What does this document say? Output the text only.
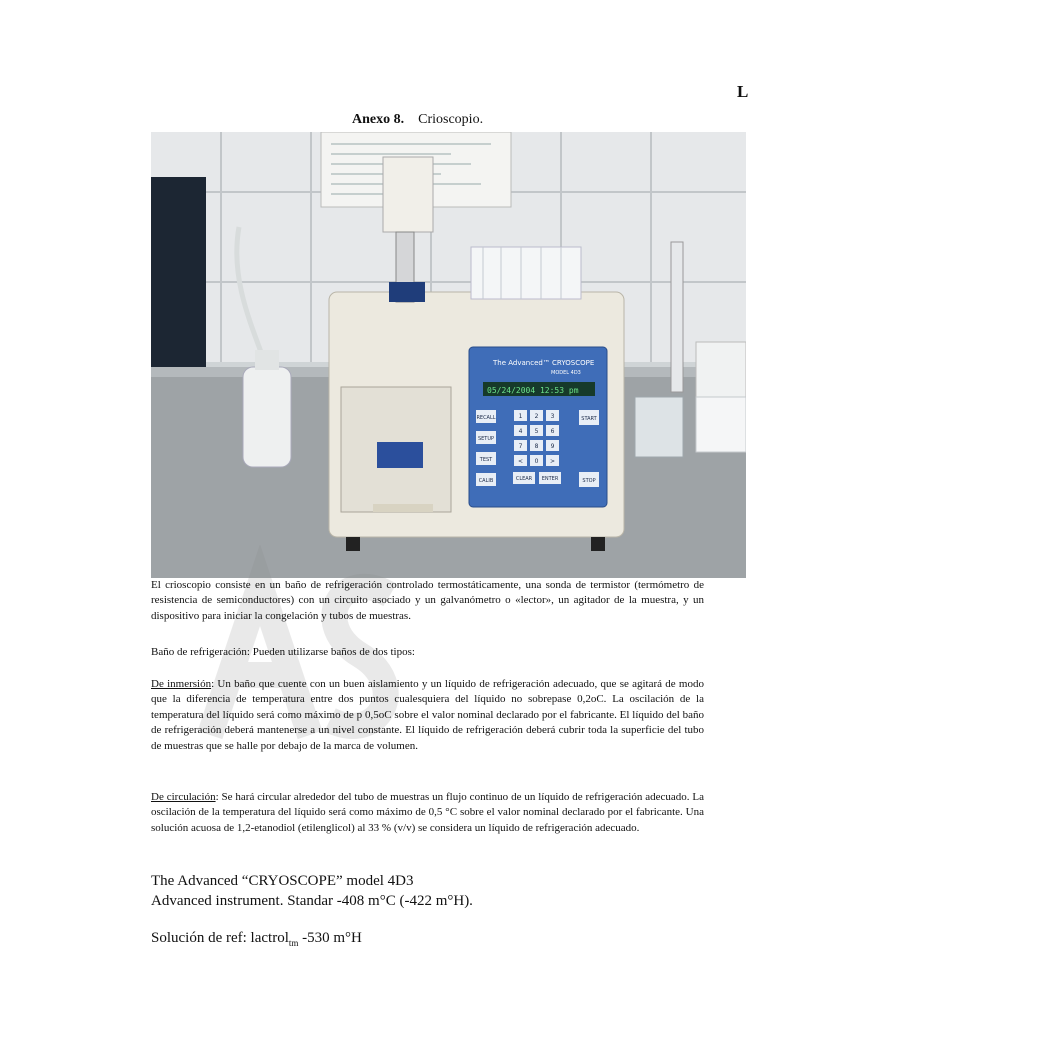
L
Anexo 8. Crioscopio.
05/24/2004 12:53 pm
The Advanced™ CRYOSCOPE
MODEL 4D3
RECALL
SETUP
TEST
CALIB
START
STOP
CLEAR ENTER
1 2 3
4 5 6
7 8 9
< 0 >
El crioscopio consiste en un baño de refrigeración controlado termostáticamente, una sonda de termistor (termómetro de resistencia de semiconductores) con un circuito asociado y un galvanómetro o «lector», un agitador de la muestra, y un dispositivo para iniciar la congelación y tubos de muestras.
Baño de refrigeración: Pueden utilizarse baños de dos tipos:
De inmersión: Un baño que cuente con un buen aislamiento y un líquido de refrigeración adecuado, que se agitará de modo que la diferencia de temperatura entre dos puntos cualesquiera del líquido no sobrepase 0,2oC. La oscilación de la temperatura del líquido será como máximo de p 0,5oC sobre el valor nominal declarado por el fabricante. El líquido del baño de refrigeración deberá mantenerse a un nivel constante. El líquido de refrigeración deberá cubrir toda la superficie del tubo de muestras que se halle por debajo de la marca de volumen.
De circulación: Se hará circular alrededor del tubo de muestras un flujo continuo de un líquido de refrigeración adecuado. La oscilación de la temperatura del líquido será como máximo de 0,5 °C sobre el valor nominal declarado por el fabricante. Una solución acuosa de 1,2-etanodiol (etilenglicol) al 33 % (v/v) se considera un líquido de refrigeración adecuado.
The Advanced “CRYOSCOPE” model 4D3
Advanced instrument. Standar -408 m°C (-422 m°H).
Solución de ref: lactrol$_{tm}$ -530 m°H
